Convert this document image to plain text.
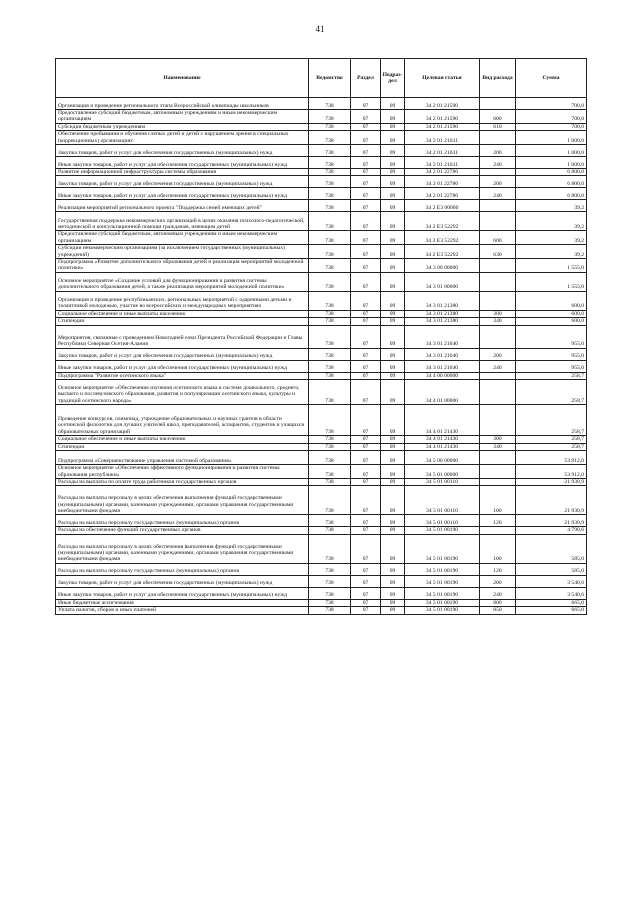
41
Наименование	Ведомство	Раздел	Подраз-дел	Целевая статья	Вид расхода	Сумма
Организация и проведение регионального этапа Всероссийской олимпиады школьников	738	07	09	34 2 01 21590		700,0
Предоставление субсидий бюджетным, автономным учреждениям и иным некоммерческим организациям	738	07	09	34 2 01 21590	600	700,0
Субсидии бюджетным учреждениям	738	07	09	34 2 01 21590	610	700,0
Обеспечение пребывания и обучения слепых детей и детей с нарушением зрения в специальных (коррекционных) организациях	738	07	09	34 2 01 21631		1 000,0
Закупка товаров, работ и услуг для обеспечения государственных (муниципальных) нужд	738	07	09	34 2 01 21631	200	1 000,0
Иные закупки товаров, работ и услуг для обеспечения государственных (муниципальных) нужд	738	07	09	34 2 01 21631	240	1 000,0
Развитие информационной инфраструктуры системы образования	738	07	09	34 2 01 22786		6 800,0
Закупка товаров, работ и услуг для обеспечения государственных (муниципальных) нужд	738	07	09	34 2 01 22786	200	6 800,0
Иные закупки товаров, работ и услуг для обеспечения государственных (муниципальных) нужд	738	07	09	34 2 01 22786	240	6 800,0
Реализация мероприятий регионального проекта "Поддержка семей имеющих детей"	738	07	09	34 2 E3 00000		39,2
Государственная поддержка некоммерческих организаций в целях оказания психолого-педагогической, методической и консультационной помощи гражданам, имеющим детей	738	07	09	34 2 E3 52292		39,2
Предоставление субсидий бюджетным, автономным учреждениям и иным некоммерческим организациям	738	07	09	34 2 E3 52292	600	39,2
Субсидии некоммерческим организациям (за исключением государственных (муниципальных) учреждений)	738	07	09	34 2 E3 52292	630	39,2
Подпрограмма «Развитие дополнительного образования детей и реализация мероприятий молодежной политики»	738	07	09	34 3 00 00000		1 555,0
Основное мероприятие «Создание условий для функционирования и развития системы дополнительного образования детей, а также реализация мероприятий молодежной политики»	738	07	09	34 3 01 00000		1 555,0
Организация и проведение республиканских, региональных мероприятий с одаренными детьми и талантливой молодежью, участие во всероссийских и международных мероприятиях	738	07	09	34 3 01 21380		600,0
Социальное обеспечение и иные выплаты населению	738	07	09	34 3 01 21380	300	600,0
Стипендии	738	07	09	34 3 01 21380	340	600,0
Мероприятия, связанные с проведением Новогодней елки Президента Российской Федерации и Главы Республики Северная Осетия-Алания	738	07	09	34 3 01 21640		955,0
Закупка товаров, работ и услуг для обеспечения государственных (муниципальных) нужд	738	07	09	34 3 01 21640	200	955,0
Иные закупки товаров, работ и услуг для обеспечения государственных (муниципальных) нужд	738	07	09	34 3 01 21640	240	955,0
Подпрограмма "Развитие осетинского языка"	738	07	09	34 4 00 00000		258,7
Основное мероприятие «Обеспечение изучения осетинского языка в системе дошкольного, среднего, высшего и послевузовского образования, развития и популяризации осетинского языка, культуры и традиций осетинского народа»	738	07	09	34 4 01 00000		258,7
Проведение конкурсов, олимпиад, учреждение образовательных и научных грантов в области осетинской филологии для лучших учителей школ, преподавателей, аспирантов, студентов и учащихся образовательных организаций	738	07	09	34 4 01 21430		258,7
Социальное обеспечение и иные выплаты населению	738	07	09	34 4 01 21430	300	258,7
Стипендии	738	07	09	34 4 01 21430	340	258,7
Подпрограмма «Совершенствование управления системой образования»	738	07	09	34 5 00 00000		53 912,0
Основное мероприятие «Обеспечение эффективного функционирования и развития системы образования республики»	738	07	09	34 5 01 00000		53 912,0
Расходы на выплаты по оплате труда работников государственных органов	738	07	09	34 5 01 00110		21 930,9
Расходы на выплаты персоналу в целях обеспечения выполнения функций государственными (муниципальными) органами, казенными учреждениями, органами управления государственными внебюджетными фондами	738	07	09	34 5 01 00110	100	21 930,9
Расходы на выплаты персоналу государственных (муниципальных) органов	738	07	09	34 5 01 00110	120	21 930,9
Расходы на обеспечение функций государственных органов	738	07	09	34 5 01 00190		4 790,6
Расходы на выплаты персоналу в целях обеспечения выполнения функций государственными (муниципальными) органами, казенными учреждениями, органами управления государственными внебюджетными фондами	738	07	09	34 5 01 00190	100	585,0
Расходы на выплаты персоналу государственных (муниципальных) органов	738	07	09	34 5 01 00190	120	585,0
Закупка товаров, работ и услуг для обеспечения государственных (муниципальных) нужд	738	07	09	34 5 01 00190	200	3 540,6
Иные закупки товаров, работ и услуг для обеспечения государственных (муниципальных) нужд	738	07	09	34 5 01 00190	240	3 540,6
Иные бюджетные ассигнования	738	07	09	34 5 01 00190	800	665,0
Уплата налогов, сборов и иных платежей	738	07	09	34 5 01 00190	850	665,0
